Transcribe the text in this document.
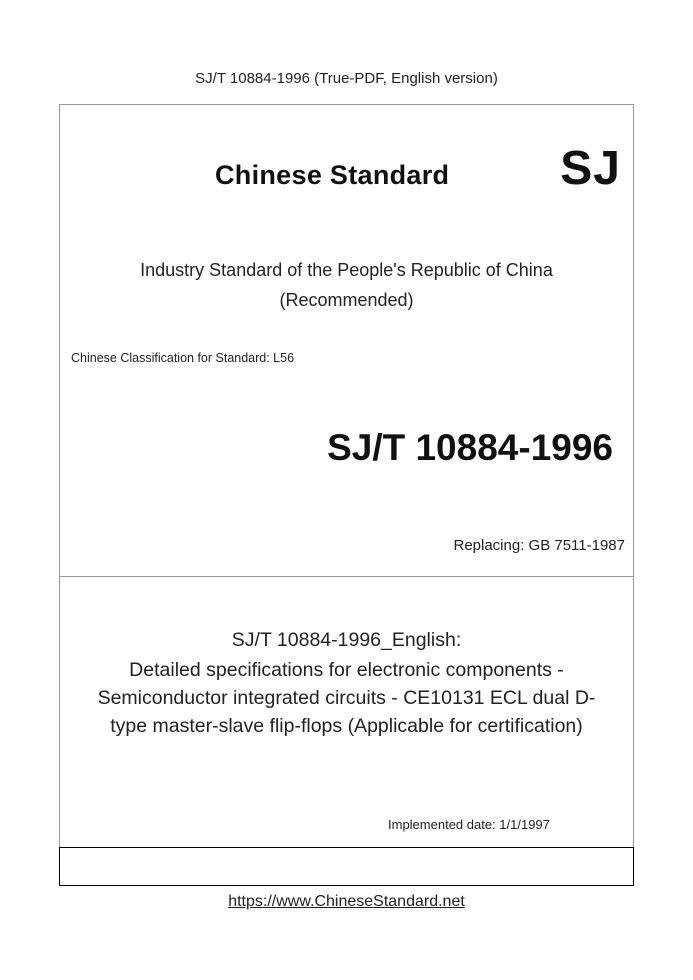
SJ/T 10884-1996 (True-PDF, English version)
Chinese Standard SJ
Industry Standard of the People's Republic of China
(Recommended)
Chinese Classification for Standard: L56
SJ/T 10884-1996
Replacing: GB 7511-1987
SJ/T 10884-1996_English:
Detailed specifications for electronic components -
Semiconductor integrated circuits - CE10131 ECL dual D-
type master-slave flip-flops (Applicable for certification)
Implemented date: 1/1/1997
https://www.ChineseStandard.net
